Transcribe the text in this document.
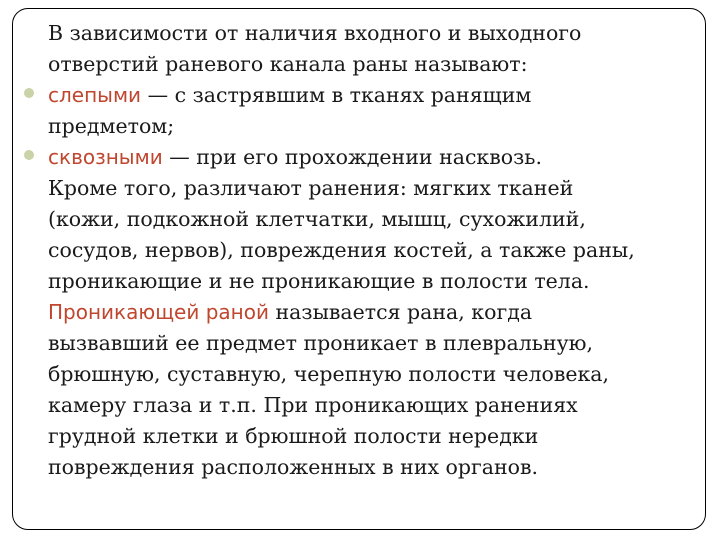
В зависимости от наличия входного и выходного
отверстий раневого канала раны называют:
слепыми — с застрявшим в тканях ранящим
предметом;
сквозными — при его прохождении насквозь.
Кроме того, различают ранения: мягких тканей
(кожи, подкожной клетчатки, мышц, сухожилий,
сосудов, нервов), повреждения костей, а также раны,
проникающие и не проникающие в полости тела.
Проникающей раной называется рана, когда
вызвавший ее предмет проникает в плевральную,
брюшную, суставную, черепную полости человека,
камеру глаза и т.п. При проникающих ранениях
грудной клетки и брюшной полости нередки
повреждения расположенных в них органов.
